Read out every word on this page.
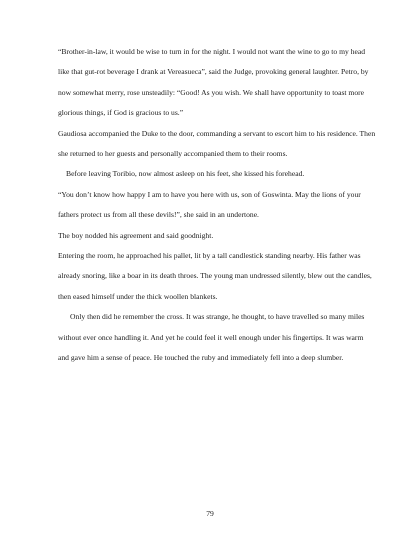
“Brother-in-law, it would be wise to turn in for the night. I would not want the wine to go to my head like that gut-rot beverage I drank at Vereasueca”, said the Judge, provoking general laughter. Petro, by now somewhat merry, rose unsteadily: “Good! As you wish. We shall have opportunity to toast more glorious things, if God is gracious to us.”

Gaudiosa accompanied the Duke to the door, commanding a servant to escort him to his residence. Then she returned to her guests and personally accompanied them to their rooms.

Before leaving Toribio, now almost asleep on his feet, she kissed his forehead.

“You don’t know how happy I am to have you here with us, son of Goswinta. May the lions of your fathers protect us from all these devils!”, she said in an undertone.

The boy nodded his agreement and said goodnight.

Entering the room, he approached his pallet, lit by a tall candlestick standing nearby. His father was already snoring, like a boar in its death throes. The young man undressed silently, blew out the candles, then eased himself under the thick woollen blankets.

Only then did he remember the cross. It was strange, he thought, to have travelled so many miles without ever once handling it. And yet he could feel it well enough under his fingertips. It was warm and gave him a sense of peace. He touched the ruby and immediately fell into a deep slumber.

79
